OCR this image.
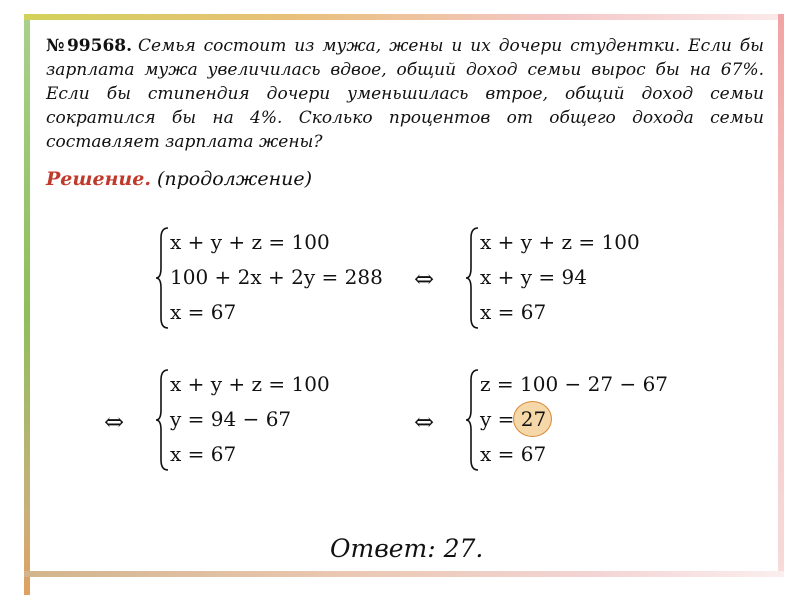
№99568. Семья состоит из мужа, жены и их дочери студентки. Если бы зарплата мужа увеличилась вдвое, общий доход семьи вырос бы на 67%. Если бы стипендия дочери уменьшилась втрое, общий доход семьи сократился бы на 4%. Сколько процентов от общего дохода семьи составляет зарплата жены?
Решение. (продолжение)
x + y + z = 100
100 + 2x + 2y = 288
x = 67
⇔
x + y + z = 100
x + y = 94
x = 67
⇔
x + y + z = 100
y = 94 − 67
x = 67
⇔
z = 100 − 27 − 67
y = 27
x = 67
Ответ: 27.
